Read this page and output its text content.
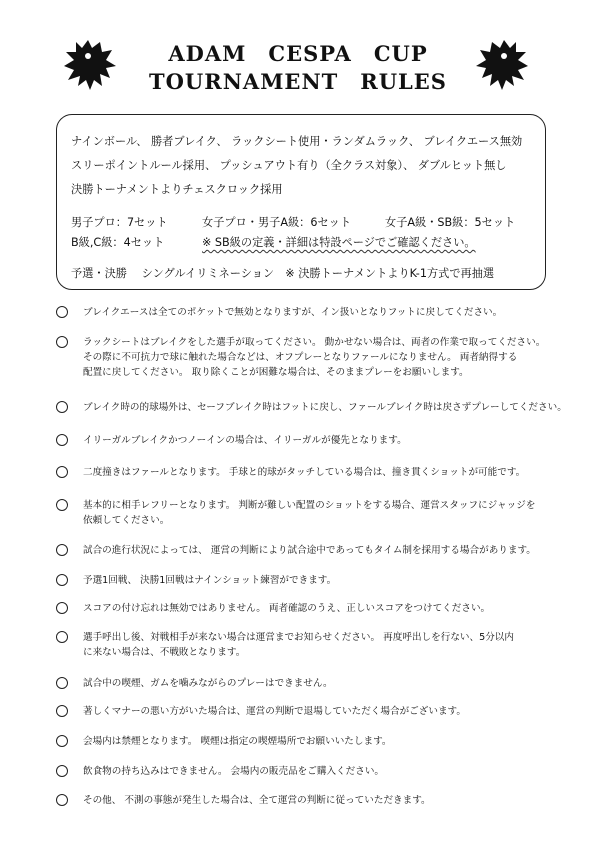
ADAM　CESPA　CUP
TOURNAMENT　RULES
ナインボール、 勝者ブレイク、 ラックシート使用・ランダムラック、 ブレイクエース無効
スリーポイントルール採用、 プッシュアウト有り（全クラス対象）、 ダブルヒット無し
決勝トーナメントよりチェスクロック採用
男子プロ：7セット	女子プロ・男子A級：6セット	女子A級・SB級：5セット
B級,C級：4セット	※ SB級の定義・詳細は特設ページでご確認ください。
予選・決勝　 シングルイリミネーション　※ 決勝トーナメントよりK-1方式で再抽選
ブレイクエースは全てのポケットで無効となりますが、イン扱いとなりフットに戻してください。
ラックシートはブレイクをした選手が取ってください。 動かせない場合は、両者の作業で取ってください。
その際に不可抗力で球に触れた場合などは、オフプレーとなりファールになりません。 両者納得する
配置に戻してください。 取り除くことが困難な場合は、そのままプレーをお願いします。
ブレイク時の的球場外は、セーフブレイク時はフットに戻し、ファールブレイク時は戻さずプレーしてください。
イリーガルブレイクかつノーインの場合は、イリーガルが優先となります。
二度撞きはファールとなります。 手球と的球がタッチしている場合は、撞き貫くショットが可能です。
基本的に相手レフリーとなります。 判断が難しい配置のショットをする場合、運営スタッフにジャッジを
依頼してください。
試合の進行状況によっては、 運営の判断により試合途中であってもタイム制を採用する場合があります。
予選1回戦、 決勝1回戦はナインショット練習ができます。
スコアの付け忘れは無効ではありません。 両者確認のうえ、正しいスコアをつけてください。
選手呼出し後、対戦相手が来ない場合は運営までお知らせください。 再度呼出しを行ない、5分以内
に来ない場合は、不戦敗となります。
試合中の喫煙、ガムを噛みながらのプレーはできません。
著しくマナーの悪い方がいた場合は、運営の判断で退場していただく場合がございます。
会場内は禁煙となります。 喫煙は指定の喫煙場所でお願いいたします。
飲食物の持ち込みはできません。 会場内の販売品をご購入ください。
その他、 不測の事態が発生した場合は、全て運営の判断に従っていただきます。
